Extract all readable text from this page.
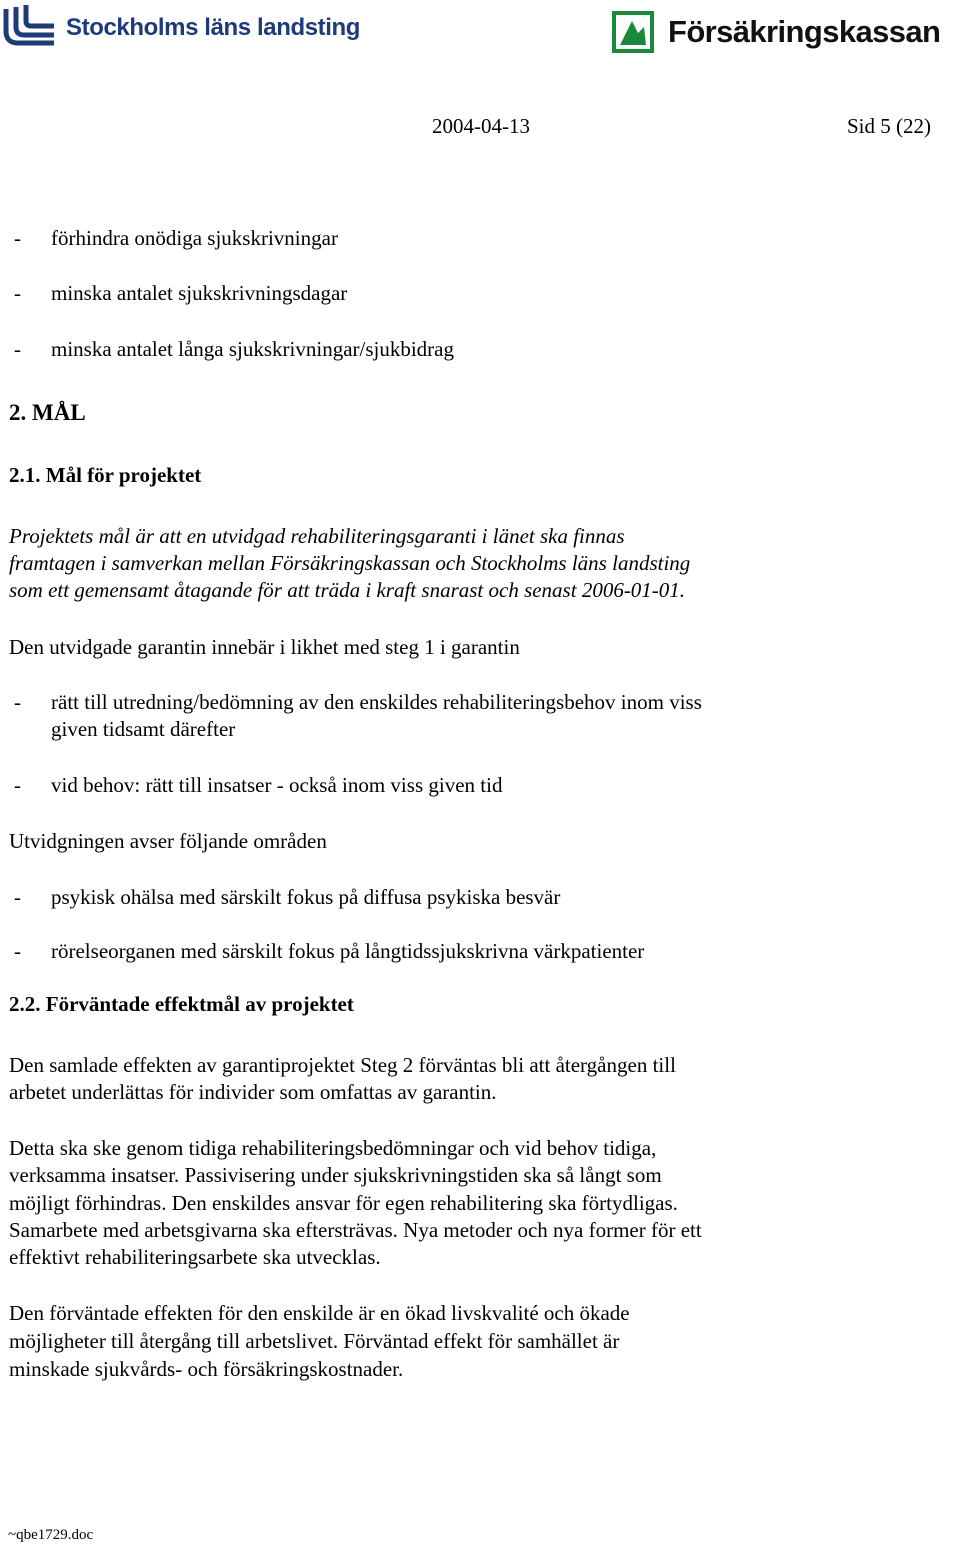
Stockholms läns landsting	Försäkringskassan
2004-04-13	Sid 5 (22)
- förhindra onödiga sjukskrivningar
- minska antalet sjukskrivningsdagar
- minska antalet långa sjukskrivningar/sjukbidrag
2. MÅL
2.1. Mål för projektet
Projektets mål är att en utvidgad rehabiliteringsgaranti i länet ska finnas
framtagen i samverkan mellan Försäkringskassan och Stockholms läns landsting
som ett gemensamt åtagande för att träda i kraft snarast och senast 2006-01-01.
Den utvidgade garantin innebär i likhet med steg 1 i garantin
- rätt till utredning/bedömning av den enskildes rehabiliteringsbehov inom viss
given tidsamt därefter
- vid behov: rätt till insatser - också inom viss given tid
Utvidgningen avser följande områden
- psykisk ohälsa med särskilt fokus på diffusa psykiska besvär
- rörelseorganen med särskilt fokus på långtidssjukskrivna värkpatienter
2.2. Förväntade effektmål av projektet
Den samlade effekten av garantiprojektet Steg 2 förväntas bli att återgången till
arbetet underlättas för individer som omfattas av garantin.
Detta ska ske genom tidiga rehabiliteringsbedömningar och vid behov tidiga,
verksamma insatser. Passivisering under sjukskrivningstiden ska så långt som
möjligt förhindras. Den enskildes ansvar för egen rehabilitering ska förtydligas.
Samarbete med arbetsgivarna ska eftersträvas. Nya metoder och nya former för ett
effektivt rehabiliteringsarbete ska utvecklas.
Den förväntade effekten för den enskilde är en ökad livskvalité och ökade
möjligheter till återgång till arbetslivet. Förväntad effekt för samhället är
minskade sjukvårds- och försäkringskostnader.
~qbe1729.doc
